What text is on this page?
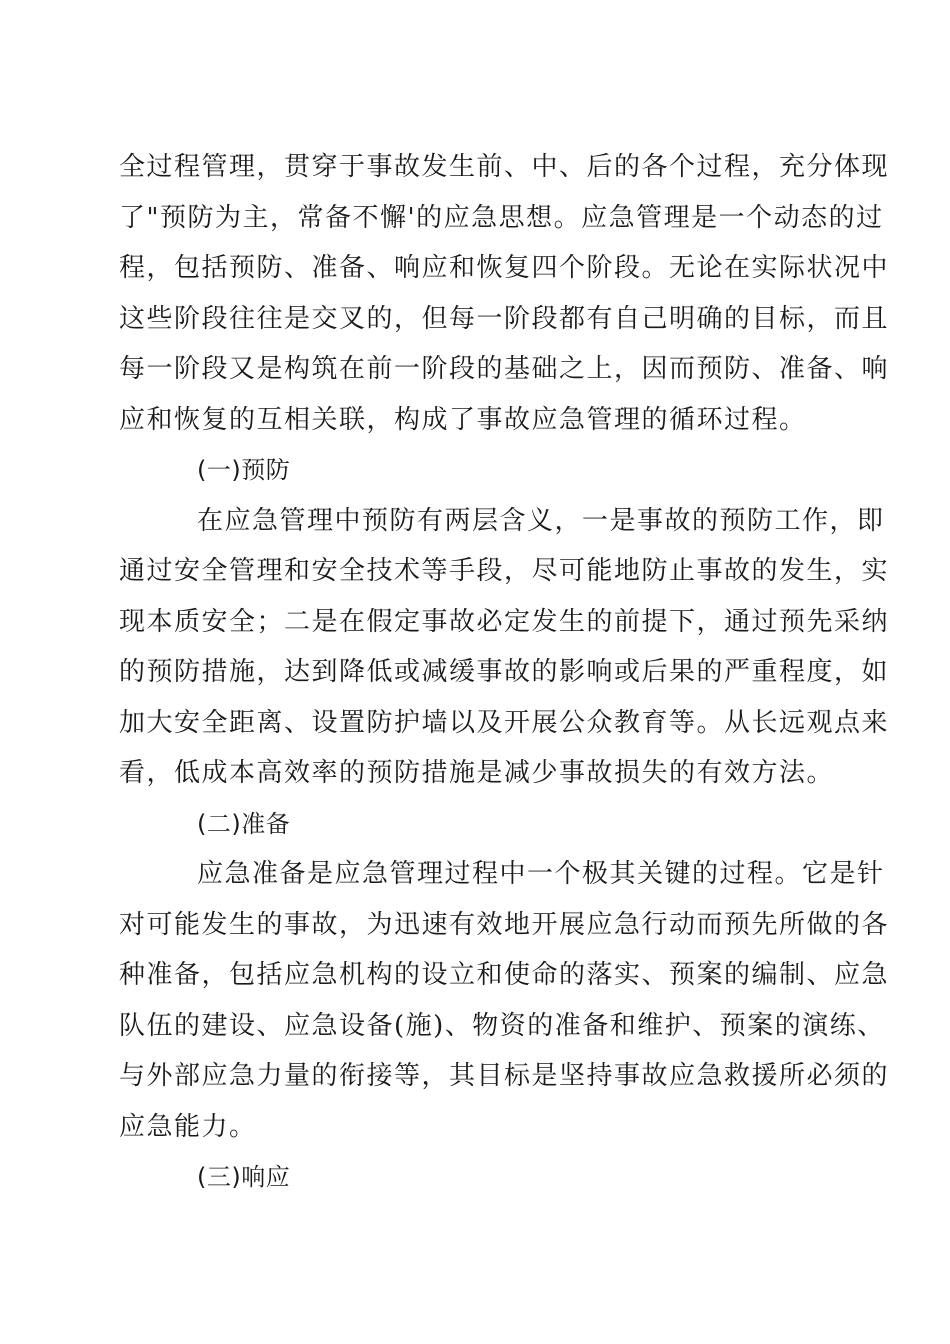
全过程管理，贯穿于事故发生前、中、后的各个过程，充分体现
了"预防为主，常备不懈'的应急思想。应急管理是一个动态的过
程，包括预防、准备、响应和恢复四个阶段。无论在实际状况中
这些阶段往往是交叉的，但每一阶段都有自己明确的目标，而且
每一阶段又是构筑在前一阶段的基础之上，因而预防、准备、响
应和恢复的互相关联，构成了事故应急管理的循环过程。
(一)预防
在应急管理中预防有两层含义，一是事故的预防工作，即
通过安全管理和安全技术等手段，尽可能地防止事故的发生，实
现本质安全；二是在假定事故必定发生的前提下，通过预先采纳
的预防措施，达到降低或减缓事故的影响或后果的严重程度，如
加大安全距离、设置防护墙以及开展公众教育等。从长远观点来
看，低成本高效率的预防措施是减少事故损失的有效方法。
(二)准备
应急准备是应急管理过程中一个极其关键的过程。它是针
对可能发生的事故，为迅速有效地开展应急行动而预先所做的各
种准备，包括应急机构的设立和使命的落实、预案的编制、应急
队伍的建设、应急设备(施)、物资的准备和维护、预案的演练、
与外部应急力量的衔接等，其目标是坚持事故应急救援所必须的
应急能力。
(三)响应
